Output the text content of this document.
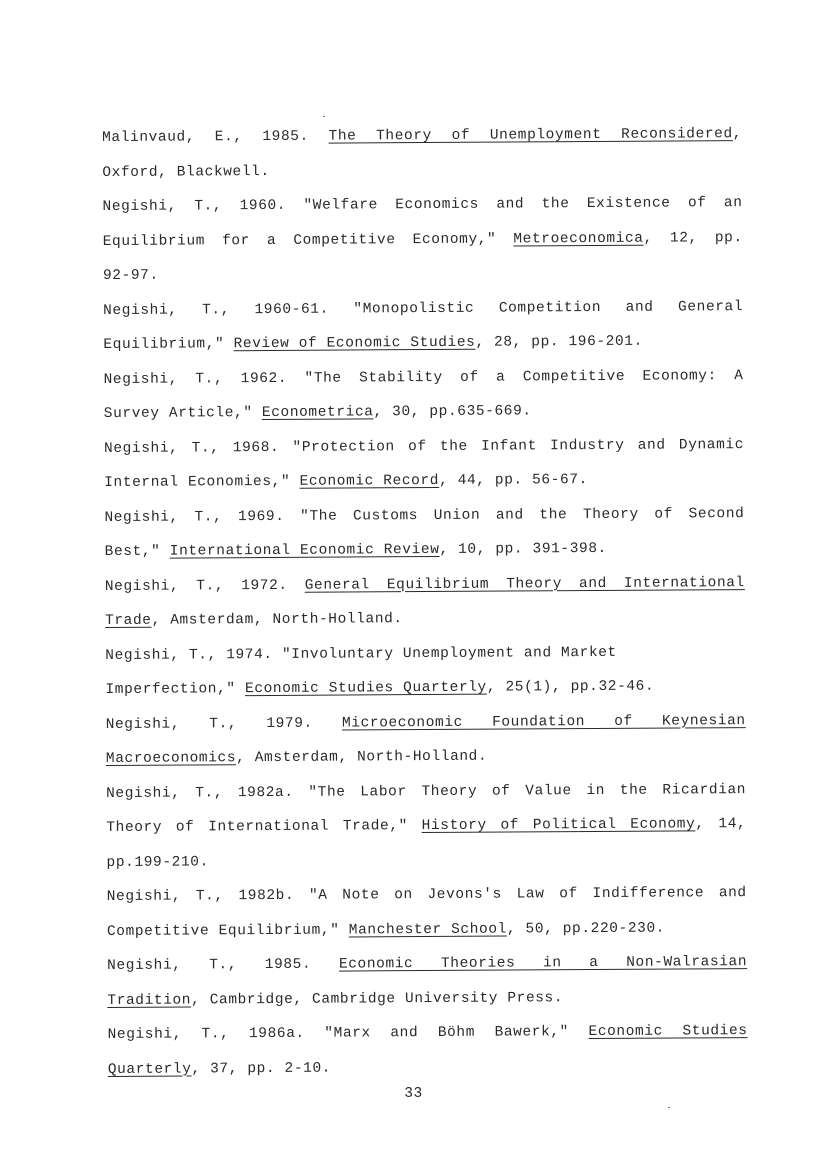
Malinvaud, E., 1985. The Theory of Unemployment Reconsidered,
Oxford, Blackwell.
Negishi, T., 1960. "Welfare Economics and the Existence of an
Equilibrium for a Competitive Economy," Metroeconomica, 12, pp.
92-97.
Negishi, T., 1960-61. "Monopolistic Competition and General
Equilibrium," Review of Economic Studies, 28, pp. 196-201.
Negishi, T., 1962. "The Stability of a Competitive Economy: A
Survey Article," Econometrica, 30, pp.635-669.
Negishi, T., 1968. "Protection of the Infant Industry and Dynamic
Internal Economies," Economic Record, 44, pp. 56-67.
Negishi, T., 1969. "The Customs Union and the Theory of Second
Best," International Economic Review, 10, pp. 391-398.
Negishi, T., 1972. General Equilibrium Theory and International
Trade, Amsterdam, North-Holland.
Negishi, T., 1974. "Involuntary Unemployment and Market
Imperfection," Economic Studies Quarterly, 25(1), pp.32-46.
Negishi, T., 1979. Microeconomic Foundation of Keynesian
Macroeconomics, Amsterdam, North-Holland.
Negishi, T., 1982a. "The Labor Theory of Value in the Ricardian
Theory of International Trade," History of Political Economy, 14,
pp.199-210.
Negishi, T., 1982b. "A Note on Jevons's Law of Indifference and
Competitive Equilibrium," Manchester School, 50, pp.220-230.
Negishi, T., 1985. Economic Theories in a Non-Walrasian
Tradition, Cambridge, Cambridge University Press.
Negishi, T., 1986a. "Marx and Böhm Bawerk," Economic Studies
Quarterly, 37, pp. 2-10.
33
